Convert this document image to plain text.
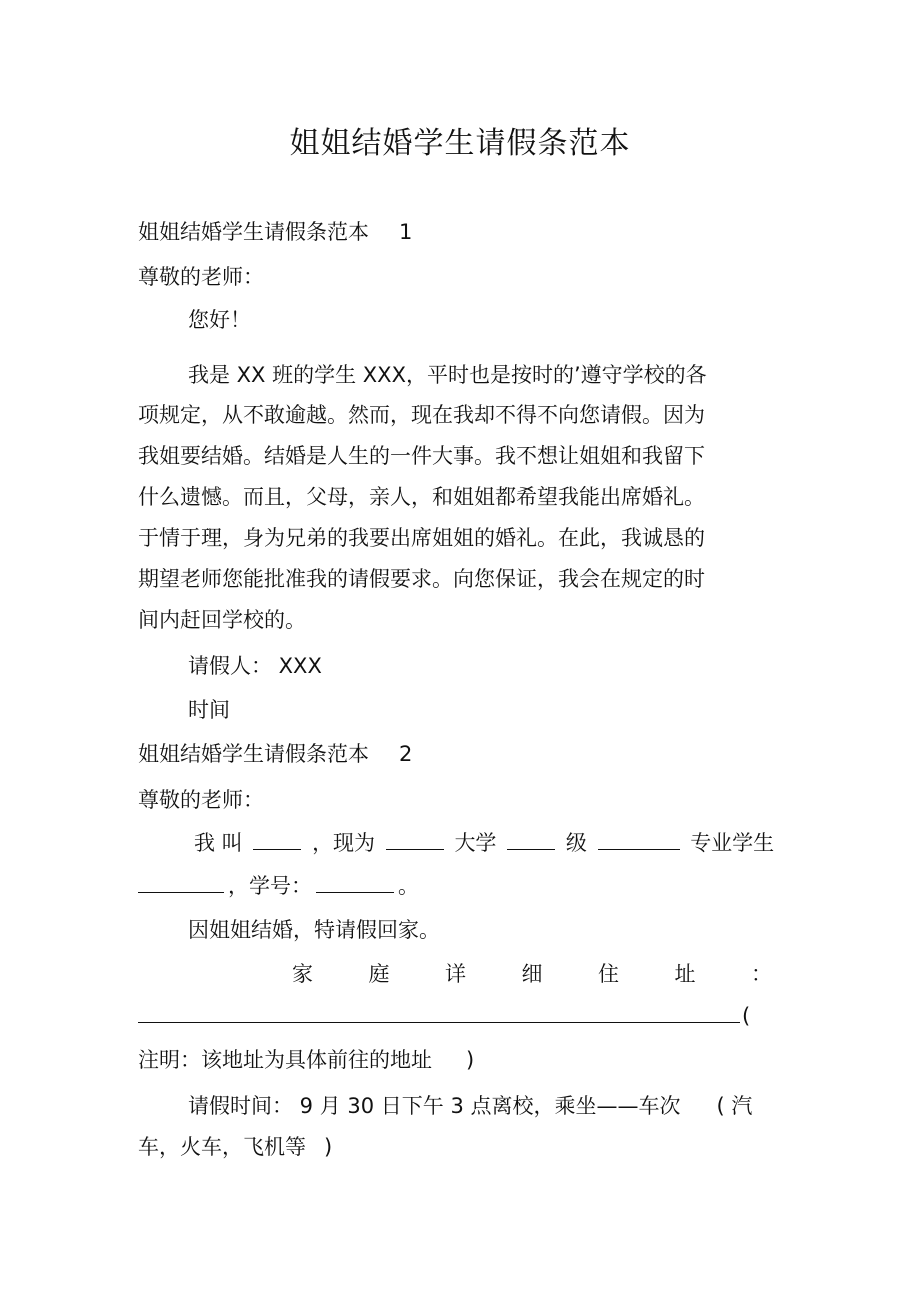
姐姐结婚学生请假条范本
姐姐结婚学生请假条范本 1
尊敬的老师：
您好！
我是 XX 班的学生 XXX，平时也是按时的’遵守学校的各
项规定，从不敢逾越。然而，现在我却不得不向您请假。因为
我姐要结婚。结婚是人生的一件大事。我不想让姐姐和我留下
什么遗憾。而且，父母，亲人，和姐姐都希望我能出席婚礼。
于情于理，身为兄弟的我要出席姐姐的婚礼。在此，我诚恳的
期望老师您能批准我的请假要求。向您保证，我会在规定的时
间内赶回学校的。
请假人： XXX
时间
姐姐结婚学生请假条范本 2
尊敬的老师：
我 叫	，现为	大学	级	专业学生
，学号：	。
因姐姐结婚，特请假回家。
家	庭	详	细	住	址	：
(
注明：该地址为具体前往的地址 )
请假时间： 9 月 30 日下午 3 点离校，乘坐——车次 ( 汽
车，火车，飞机等 )
